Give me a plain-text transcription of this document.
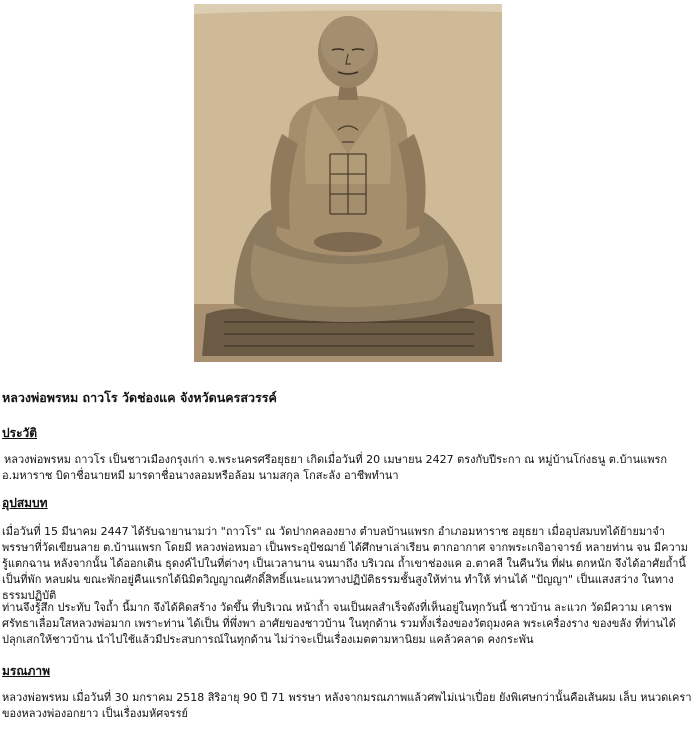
หลวงพ่อพรหม ถาวโร วัดช่องแค จังหวัดนครสวรรค์

ประวัติ

หลวงพ่อพรหม ถาวโร เป็นชาวเมืองกรุงเก่า จ.พระนครศรีอยุธยา เกิดเมื่อวันที่ 20 เมษายน 2427 ตรงกับปีระกา ณ หมู่บ้านโก่งธนู ต.บ้านแพรก อ.มหาราช บิดาชื่อนายหมี มารดาชื่อนางลอมหรือล้อม นามสกุล โกสะลัง อาชีพทำนา

อุปสมบท

เมื่อวันที่ 15 มีนาคม 2447 ได้รับฉายานามว่า "ถาวโร" ณ วัดปากคลองยาง ตำบลบ้านแพรก อำเภอมหาราช อยุธยา เมื่ออุปสมบทได้ย้ายมาจำพรรษาที่วัดเขียนลาย ต.บ้านแพรก โดยมี หลวงพ่อหมอา เป็นพระอุปัชฌาย์ ได้ศึกษาเล่าเรียน ตากอากาศ จากพระเกจิอาจารย์ หลายท่าน จน มีความ รู้แตกฉาน หลังจากนั้น ได้ออกเดิน ธุดงค์ไปในที่ต่างๆ เป็นเวลานาน จนมาถึง บริเวณ ถ้ำเขาช่องแค อ.ตาคลี ในคืนวัน ที่ฝน ตกหนัก จึงได้อาศัยถ้ำนี้ เป็นที่พัก หลบฝน ขณะพักอยู่คืนแรกได้นิมิตวิญญาณศักดิ์สิทธิ์แนะแนวทางปฏิบัติธรรมชั้นสูงให้ท่าน ทำให้ ท่านได้ "ปัญญา" เป็นแสงสว่าง ในทางธรรมปฏิบัติ

ท่านจึงรู้สึก ประทับ ใจถ้ำ นี้มาก จึงได้คิดสร้าง วัดขึ้น ที่บริเวณ หน้าถ้ำ จนเป็นผลสำเร็จดังที่เห็นอยู่ในทุกวันนี้ ชาวบ้าน ละแวก วัดมีความ เคารพศรัทธาเลื่อมใสหลวงพ่อมาก เพราะท่าน ได้เป็น ที่พึ่งพา อาศัยของชาวบ้าน ในทุกด้าน รวมทั้งเรื่องของวัตถุมงคล พระเครื่องราง ของขลัง ที่ท่านได้ปลุกเสกให้ชาวบ้าน นำไปใช้แล้วมีประสบการณ์ในทุกด้าน ไม่ว่าจะเป็นเรื่องเมตตามหานิยม แคล้วคลาด คงกระพัน

มรณภาพ

หลวงพ่อพรหม เมื่อวันที่ 30 มกราคม 2518 สิริอายุ 90 ปี 71 พรรษา หลังจากมรณภาพแล้วศพไม่เน่าเปื่อย ยังพิเศษกว่านั้นคือเส้นผม เล็บ หนวดเคราของหลวงพ่องอกยาว เป็นเรื่องมหัศจรรย์
